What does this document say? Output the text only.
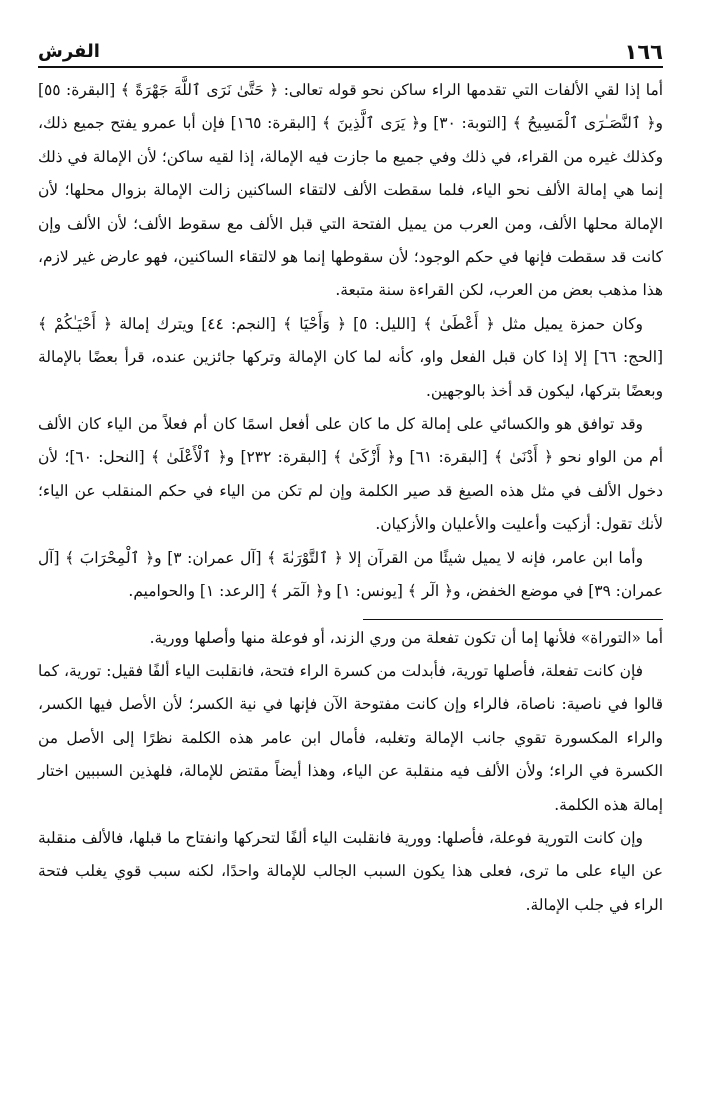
١٦٦
الفرش

أما إذا لقي الألفات التي تقدمها الراء ساكن نحو قوله تعالى: ﴿ حَتَّىٰ نَرَى ٱللَّهَ جَهْرَةً ﴾ [البقرة: ٥٥] و﴿ ٱلنَّصَـٰرَى ٱلْمَسِيحُ ﴾ [التوبة: ٣٠] و﴿ يَرَى ٱلَّذِينَ ﴾ [البقرة: ١٦٥] فإن أبا عمرو يفتح جميع ذلك، وكذلك غيره من القراء، في ذلك وفي جميع ما جازت فيه الإمالة، إذا لقيه ساكن؛ لأن الإمالة في ذلك إنما هي إمالة الألف نحو الياء، فلما سقطت الألف لالتقاء الساكنين زالت الإمالة بزوال محلها؛ لأن الإمالة محلها الألف، ومن العرب من يميل الفتحة التي قبل الألف مع سقوط الألف؛ لأن الألف وإن كانت قد سقطت فإنها في حكم الوجود؛ لأن سقوطها إنما هو لالتقاء الساكنين، فهو عارض غير لازم، هذا مذهب بعض من العرب، لكن القراءة سنة متبعة.

وكان حمزة يميل مثل ﴿ أَعْطَىٰ ﴾ [الليل: ٥] ﴿ وَأَحْيَا ﴾ [النجم: ٤٤] ويترك إمالة ﴿ أَحْيَـٰكُمْ ﴾ [الحج: ٦٦] إلا إذا كان قبل الفعل واو، كأنه لما كان الإمالة وتركها جائزين عنده، قرأ بعضًا بالإمالة وبعضًا بتركها، ليكون قد أخذ بالوجهين.

وقد توافق هو والكسائي على إمالة كل ما كان على أفعل اسمًا كان أم فعلاً من الياء كان الألف أم من الواو نحو ﴿ أَدْنَىٰ ﴾ [البقرة: ٦١] و﴿ أَزْكَىٰ ﴾ [البقرة: ٢٣٢] و﴿ ٱلْأَعْلَىٰ ﴾ [النحل: ٦٠]؛ لأن دخول الألف في مثل هذه الصيغ قد صير الكلمة وإن لم تكن من الياء في حكم المنقلب عن الياء؛ لأنك تقول: أزكيت وأعليت والأعليان والأزكيان.

وأما ابن عامر، فإنه لا يميل شيئًا من القرآن إلا ﴿ ٱلتَّوْرَىٰةَ ﴾ [آل عمران: ٣] و﴿ ٱلْمِحْرَابَ ﴾ [آل عمران: ٣٩] في موضع الخفض، و﴿ الٓر ﴾ [يونس: ١] و﴿ الٓمٓر ﴾ [الرعد: ١] والحواميم.

أما «التوراة» فلأنها إما أن تكون تفعلة من وري الزند، أو فوعلة منها وأصلها وورية.

فإن كانت تفعلة، فأصلها تورية، فأبدلت من كسرة الراء فتحة، فانقلبت الياء ألفًا فقيل: تورية، كما قالوا في ناصية: ناصاة، فالراء وإن كانت مفتوحة الآن فإنها في نية الكسر؛ لأن الأصل فيها الكسر، والراء المكسورة تقوي جانب الإمالة وتغلبه، فأمال ابن عامر هذه الكلمة نظرًا إلى الأصل من الكسرة في الراء؛ ولأن الألف فيه منقلبة عن الياء، وهذا أيضاً مقتض للإمالة، فلهذين السببين اختار إمالة هذه الكلمة.

وإن كانت التورية فوعلة، فأصلها: وورية فانقلبت الياء ألفًا لتحركها وانفتاح ما قبلها، فالألف منقلبة عن الياء على ما ترى، فعلى هذا يكون السبب الجالب للإمالة واحدًا، لكنه سبب قوي يغلب فتحة الراء في جلب الإمالة.
